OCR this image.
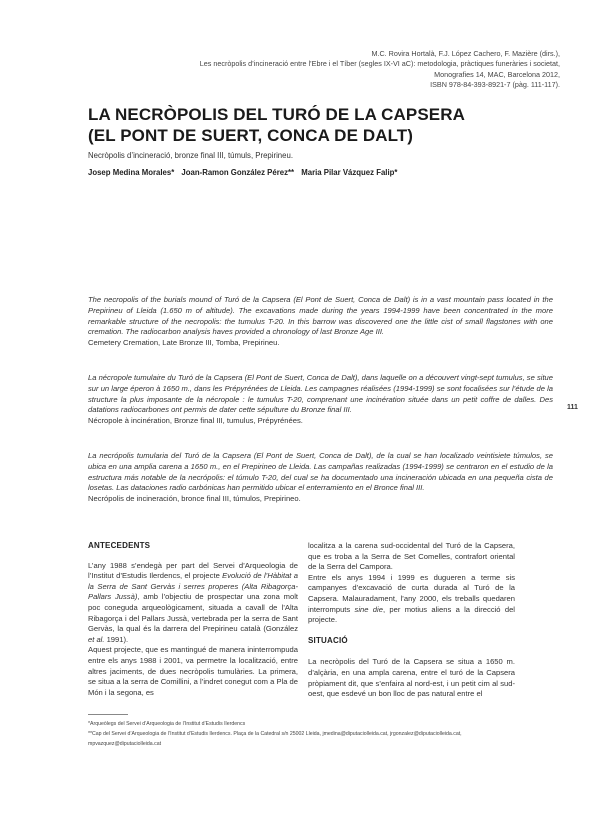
M.C. Rovira Hortalà, F.J. López Cachero, F. Mazière (dirs.),
Les necròpolis d’incineració entre l’Ebre i el Tíber (segles IX-VI aC): metodologia, pràctiques funeràries i societat,
Monografies 14, MAC, Barcelona 2012,
ISBN 978-84-393-8921-7 (pàg. 111-117).
LA NECRÒPOLIS DEL TURÓ DE LA CAPSERA
(EL PONT DE SUERT, CONCA DE DALT)
Necròpolis d’incineració, bronze final III, túmuls, Prepirineu.
Josep Medina Morales* Joan-Ramon González Pérez** Maria Pilar Vázquez Falip*
The necropolis of the burials mound of Turó de la Capsera (El Pont de Suert, Conca de Dalt) is in a vast mountain pass located in the Prepirineu of Lleida (1.650 m of altitude). The excavations made during the years 1994-1999 have been concentrated in the more remarkable structure of the necropolis: the tumulus T-20. In this barrow was discovered one the little cist of small flagstones with one cremation. The radiocarbon analysis haves provided a chronology of last Bronze Age III.
Cemetery Cremation, Late Bronze III, Tomba, Prepirineu.
La nécropole tumulaire du Turó de la Capsera (El Pont de Suert, Conca de Dalt), dans laquelle on a découvert vingt-sept tumulus, se situe sur un large éperon à 1650 m., dans les Prépyrénées de Lleida. Les campagnes réalisées (1994-1999) se sont focalisées sur l’étude de la structure la plus imposante de la nécropole : le tumulus T-20, comprenant une incinération située dans un petit coffre de dalles. Des datations radiocarbones ont permis de dater cette sépulture du Bronze final III.
Nécropole à incinération, Bronze final III, tumulus, Prépyrénées.
111
La necrópolis tumularia del Turó de la Capsera (El Pont de Suert, Conca de Dalt), de la cual se han localizado veintisiete túmulos, se ubica en una amplia carena a 1650 m., en el Prepirineo de Lleida. Las campañas realizadas (1994-1999) se centraron en el estudio de la estructura más notable de la necrópolis: el túmulo T-20, del cual se ha documentado una incineración ubicada en una pequeña cista de losetas. Las dataciones radio carbónicas han permitido ubicar el enterramiento en el Bronce final III.
Necrópolis de incineración, bronce final III, túmulos, Prepirineo.
ANTECEDENTS

L’any 1988 s’endegà per part del Servei d’Arqueologia de l’Institut d’Estudis Ilerdencs, el projecte Evolució de l’Hàbitat a la Serra de Sant Gervàs i serres properes (Alta Ribagorça-Pallars Jussà), amb l’objectiu de prospectar una zona molt poc coneguda arqueològicament, situada a cavall de l’Alta Ribagorça i del Pallars Jussà, vertebrada per la serra de Sant Gervàs, la qual és la darrera del Prepirineu català (González et al. 1991).

Aquest projecte, que es mantingué de manera ininterrompuda entre els anys 1988 i 2001, va permetre la localització, entre altres jaciments, de dues necròpolis tumulàries. La primera, se situa a la serra de Comillini, a l’indret conegut com a Pla de Món i la segona, es

localitza a la carena sud-occidental del Turó de la Capsera, que es troba a la Serra de Set Comelles, contrafort oriental de la Serra del Campora.

Entre els anys 1994 i 1999 es dugueren a terme sis campanyes d’excavació de curta durada al Turó de la Capsera. Malauradament, l’any 2000, els treballs quedaren interromputs sine die, per motius aliens a la direcció del projecte.

SITUACIÓ

La necròpolis del Turó de la Capsera se situa a 1650 m. d’alçària, en una ampla carena, entre el turó de la Capsera pròpiament dit, que s’enfaira al nord-est, i un petit cim al sud-oest, que esdevé un bon lloc de pas natural entre el

*Arqueòlegs del Servei d’Arqueologia de l’Institut d’Estudis Ilerdencs
**Cap del Servei d’Arqueologia de l’Institut d’Estudis Ilerdencs. Plaça de la Catedral s/n 25002 Lleida, jmedina@diputaciolleida.cat, jrgonzalez@diputaciolleida.cat,
mpvazquez@diputaciolleida.cat
